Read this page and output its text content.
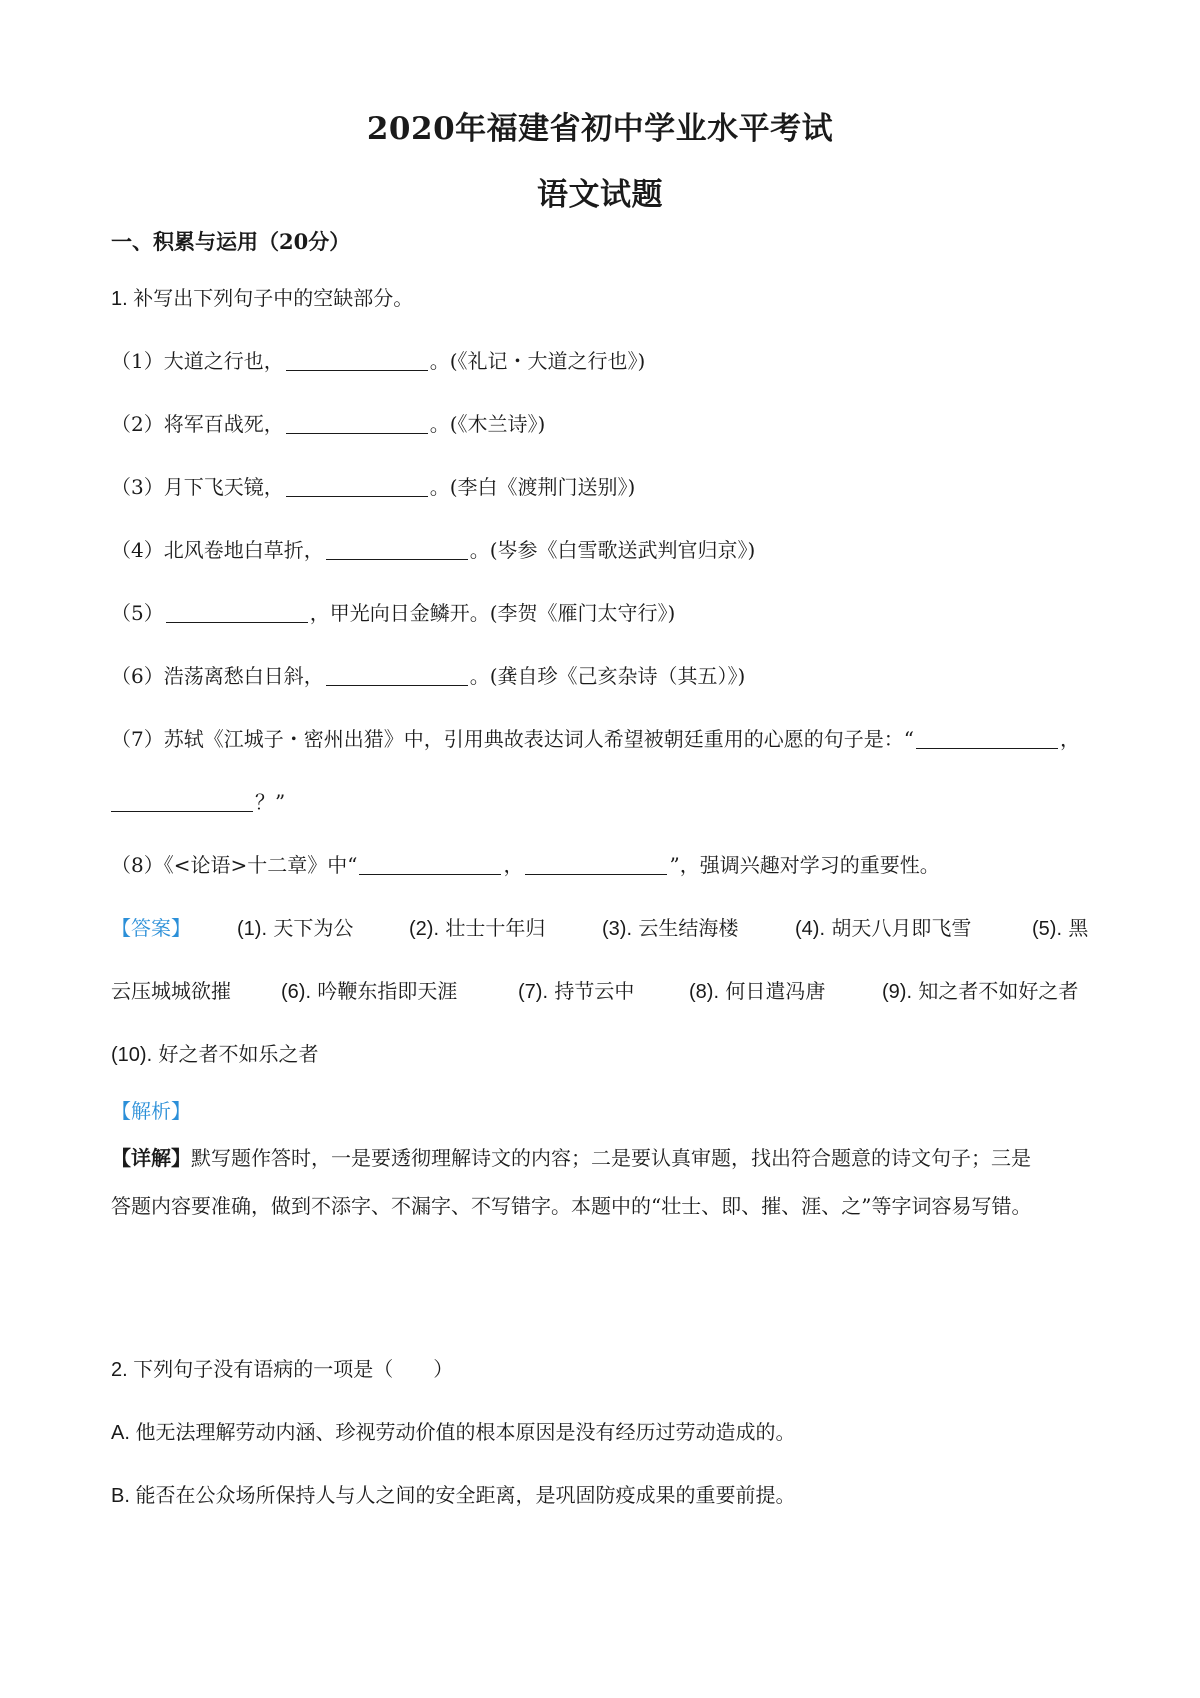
2020年福建省初中学业水平考试
语文试题
一、积累与运用（20分）
1. 补写出下列句子中的空缺部分。
（1）大道之行也，	。(《礼记・大道之行也》)
（2）将军百战死，	。(《木兰诗》)
（3）月下飞天镜，	。(李白《渡荆门送别》)
（4）北风卷地白草折，	。(岑参《白雪歌送武判官归京》)
（5）	，甲光向日金鳞开。(李贺《雁门太守行》)
（6）浩荡离愁白日斜，	。(龚自珍《己亥杂诗（其五）》)
（7）苏轼《江城子・密州出猎》中，引用典故表达词人希望被朝廷重用的心愿的句子是：“	，
？”
（8）《<论语>十二章》中“	，	”，强调兴趣对学习的重要性。
【答案】 (1). 天下为公	(2). 壮士十年归	(3). 云生结海楼	(4). 胡天八月即飞雪	(5). 黑
云压城城欲摧	(6). 吟鞭东指即天涯	(7). 持节云中	(8). 何日遣冯唐	(9). 知之者不如好之者
(10). 好之者不如乐之者
【解析】
【详解】默写题作答时，一是要透彻理解诗文的内容；二是要认真审题，找出符合题意的诗文句子；三是
答题内容要准确，做到不添字、不漏字、不写错字。本题中的“壮士、即、摧、涯、之”等字词容易写错。
2. 下列句子没有语病的一项是（　　）
A. 他无法理解劳动内涵、珍视劳动价值的根本原因是没有经历过劳动造成的。
B. 能否在公众场所保持人与人之间的安全距离，是巩固防疫成果的重要前提。
